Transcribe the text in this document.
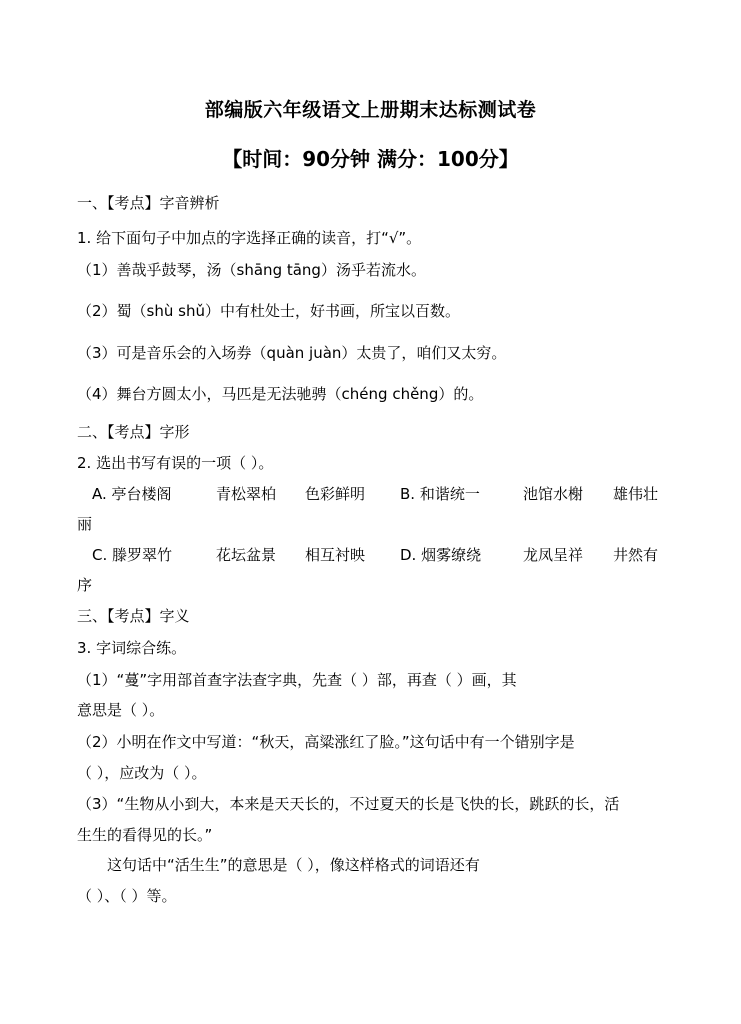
部编版六年级语文上册期末达标测试卷
【时间：90分钟 满分：100分】
一、【考点】字音辨析
1. 给下面句子中加点的字选择正确的读音，打“√”。
（1）善哉乎鼓琴，汤（shāng tāng）汤乎若流水。
（2）蜀（shù shǔ）中有杜处士，好书画，所宝以百数。
（3）可是音乐会的入场券（quàn juàn）太贵了，咱们又太穷。
（4）舞台方圆太小，马匹是无法驰骋（chéng chěng）的。
二、【考点】字形
2. 选出书写有误的一项（ ）。
A. 亭台楼阁	青松翠柏 色彩鲜明 B. 和谐统一	池馆水榭 雄伟壮
丽
C. 滕罗翠竹	花坛盆景 相互衬映 D. 烟雾缭绕	龙凤呈祥 井然有
序
三、【考点】字义
3. 字词综合练。
（1）“蔓”字用部首查字法查字典，先查（ ）部，再查（ ）画，其
意思是（ ）。
（2）小明在作文中写道：“秋天，高粱涨红了脸。”这句话中有一个错别字是
（ ），应改为（ ）。
（3）“生物从小到大，本来是天天长的，不过夏天的长是飞快的长，跳跃的长，活
生生的看得见的长。”
这句话中“活生生”的意思是（ ），像这样格式的词语还有
（ ）、（ ）等。
